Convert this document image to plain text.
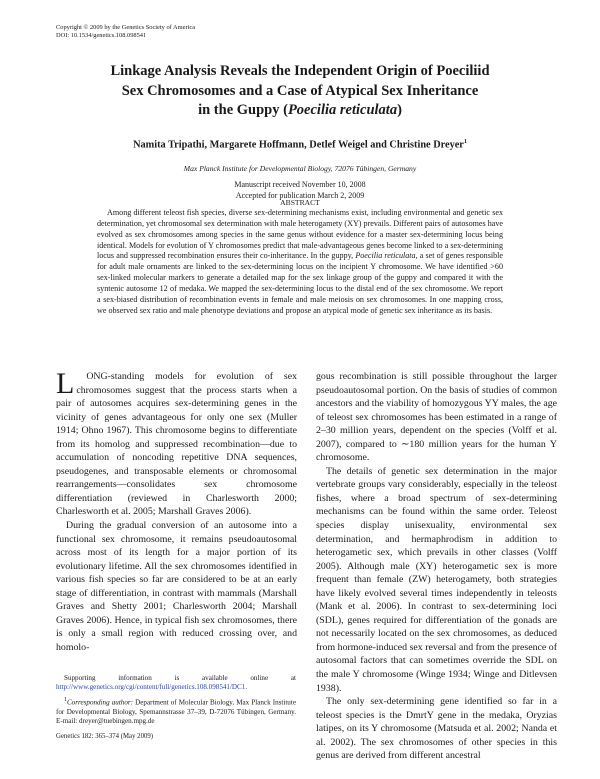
Copyright © 2009 by the Genetics Society of America
DOI: 10.1534/genetics.108.098541
Linkage Analysis Reveals the Independent Origin of Poeciliid
Sex Chromosomes and a Case of Atypical Sex Inheritance
in the Guppy (Poecilia reticulata)
Namita Tripathi, Margarete Hoffmann, Detlef Weigel and Christine Dreyer$^1$
Max Planck Institute for Developmental Biology, 72076 Tübingen, Germany
Manuscript received November 10, 2008
Accepted for publication March 2, 2009
ABSTRACT

Among different teleost fish species, diverse sex-determining mechanisms exist, including environmental and genetic sex determination, yet chromosomal sex determination with male heterogamety (XY) prevails. Different pairs of autosomes have evolved as sex chromosomes among species in the same genus without evidence for a master sex-determining locus being identical. Models for evolution of Y chromosomes predict that male-advantageous genes become linked to a sex-determining locus and suppressed recombination ensures their co-inheritance. In the guppy, Poecilia reticulata, a set of genes responsible for adult male ornaments are linked to the sex-determining locus on the incipient Y chromosome. We have identified >60 sex-linked molecular markers to generate a detailed map for the sex linkage group of the guppy and compared it with the syntenic autosome 12 of medaka. We mapped the sex-determining locus to the distal end of the sex chromosome. We report a sex-biased distribution of recombination events in female and male meiosis on sex chromosomes. In one mapping cross, we observed sex ratio and male phenotype deviations and propose an atypical mode of genetic sex inheritance as its basis.

L ONG-standing models for evolution of sex chromosomes suggest that the process starts when a pair of autosomes acquires sex-determining genes in the vicinity of genes advantageous for only one sex (Muller 1914; Ohno 1967). This chromosome begins to differentiate from its homolog and suppressed recombination—due to accumulation of noncoding repetitive DNA sequences, pseudogenes, and transposable elements or chromosomal rearrangements—consolidates sex chromosome differentiation (reviewed in Charlesworth 2000; Charlesworth et al. 2005; Marshall Graves 2006).

During the gradual conversion of an autosome into a functional sex chromosome, it remains pseudoautosomal across most of its length for a major portion of its evolutionary lifetime. All the sex chromosomes identified in various fish species so far are considered to be at an early stage of differentiation, in contrast with mammals (Marshall Graves and Shetty 2001; Charlesworth 2004; Marshall Graves 2006). Hence, in typical fish sex chromosomes, there is only a small region with reduced crossing over, and homolo-

gous recombination is still possible throughout the larger pseudoautosomal portion. On the basis of studies of common ancestors and the viability of homozygous YY males, the age of teleost sex chromosomes has been estimated in a range of 2–30 million years, dependent on the species (Volff et al. 2007), compared to ∼180 million years for the human Y chromosome.

The details of genetic sex determination in the major vertebrate groups vary considerably, especially in the teleost fishes, where a broad spectrum of sex-determining mechanisms can be found within the same order. Teleost species display unisexuality, environmental sex determination, and hermaphrodism in addition to heterogametic sex, which prevails in other classes (Volff 2005). Although male (XY) heterogametic sex is more frequent than female (ZW) heterogamety, both strategies have likely evolved several times independently in teleosts (Mank et al. 2006). In contrast to sex-determining loci (SDL), genes required for differentiation of the gonads are not necessarily located on the sex chromosomes, as deduced from hormone-induced sex reversal and from the presence of autosomal factors that can sometimes override the SDL on the male Y chromosome (Winge 1934; Winge and Ditlevsen 1938).

The only sex-determining gene identified so far in a teleost species is the DmrtY gene in the medaka, Oryzias latipes, on its Y chromosome (Matsuda et al. 2002; Nanda et al. 2002). The sex chromosomes of other species in this genus are derived from different ancestral

Supporting information is available online at http://www.genetics.org/cgi/content/full/genetics.108.098541/DC1.

$^1$Corresponding author: Department of Molecular Biology, Max Planck Institute for Developmental Biology, Spemannstrasse 37–39, D-72076 Tübingen, Germany. E-mail: dreyer@tuebingen.mpg.de

Genetics 182: 365–374 (May 2009)
